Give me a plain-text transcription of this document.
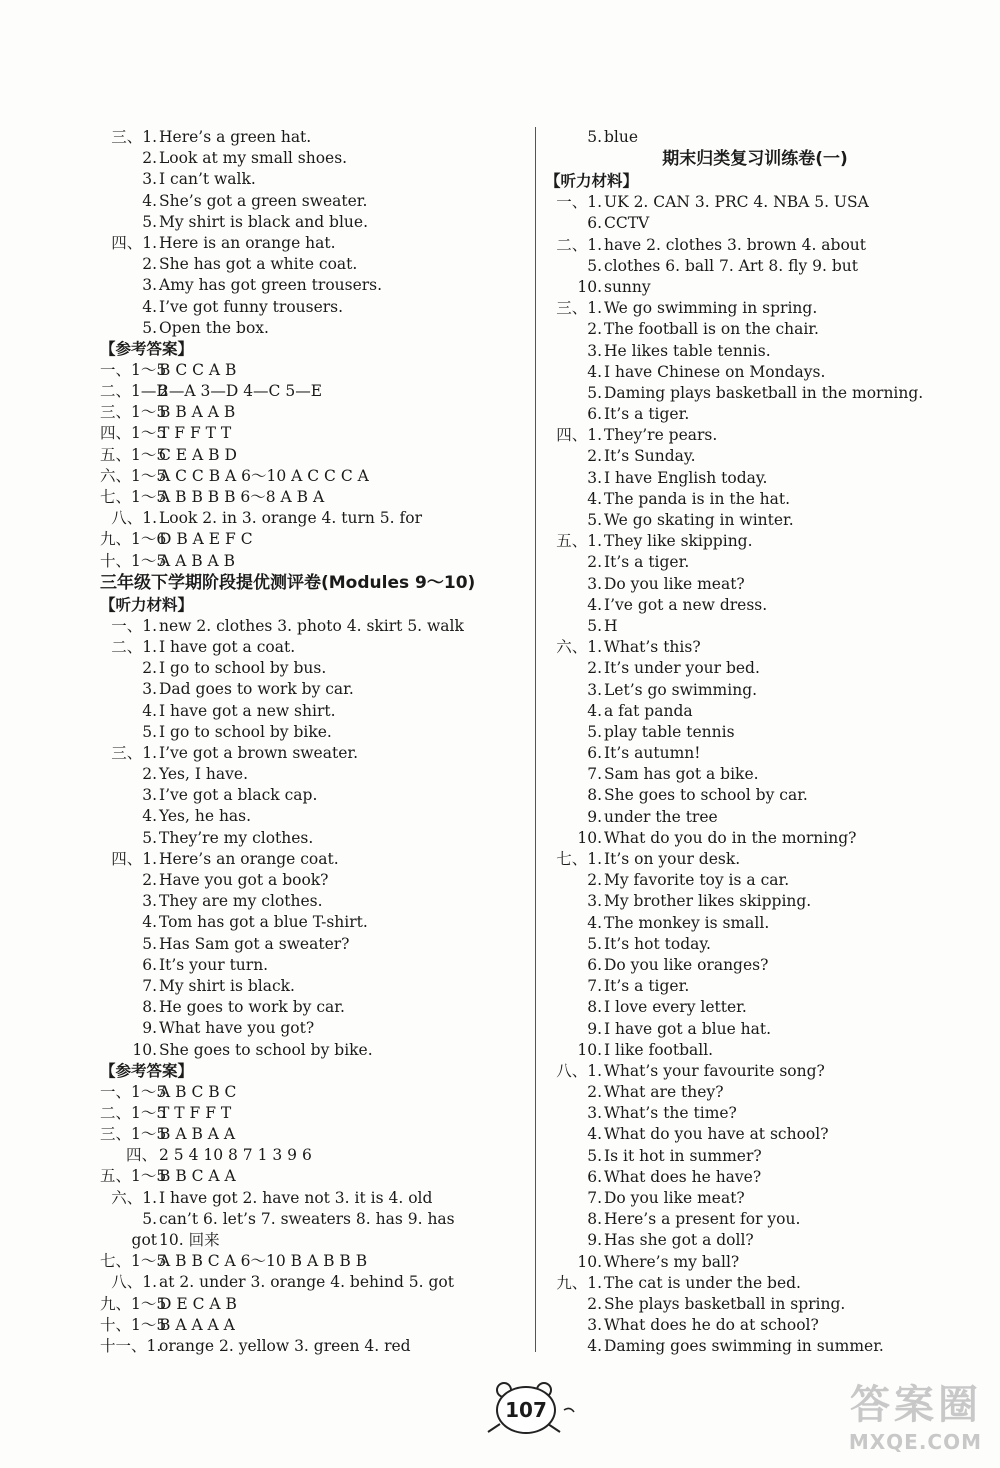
三、1. Here’s a green hat.
2. Look at my small shoes.
3. I can’t walk.
4. She’s got a green sweater.
5. My shirt is black and blue.
四、1. Here is an orange hat.
2. She has got a white coat.
3. Amy has got green trousers.
4. I’ve got funny trousers.
5. Open the box.
【参考答案】
一、1～5
B C C A B
二、1—B
2—A 3—D 4—C 5—E
三、1～5
B B A A B
四、1～5
T F F T T
五、1～5
C E A B D
六、1～5
A C C B A 6～10 A C C C A
七、1～5
A B B B B 6～8 A B A
八、1. Look 2. in 3. orange 4. turn 5. for
九、1～6
D B A E F C
十、1～5
A A B A B
三年级下学期阶段提优测评卷(Modules 9～10)
【听力材料】
一、1. new 2. clothes 3. photo 4. skirt 5. walk
二、1. I have got a coat.
2. I go to school by bus.
3. Dad goes to work by car.
4. I have got a new shirt.
5. I go to school by bike.
三、1. I’ve got a brown sweater.
2. Yes, I have.
3. I’ve got a black cap.
4. Yes, he has.
5. They’re my clothes.
四、1. Here’s an orange coat.
2. Have you got a book?
3. They are my clothes.
4. Tom has got a blue T-shirt.
5. Has Sam got a sweater?
6. It’s your turn.
7. My shirt is black.
8. He goes to work by car.
9. What have you got?
10. She goes to school by bike.
【参考答案】
一、1～5
A B C B C
二、1～5
T T F F T
三、1～5
B A B A A
四、 2 5 4 10 8 7 1 3 9 6
五、1～5
B B C A A
六、1. I have got 2. have not 3. it is 4. old
5. can’t 6. let’s 7. sweaters 8. has 9. has
got 10. 回来
七、1～5
A B B C A 6～10 B A B B B
八、1. at 2. under 3. orange 4. behind 5. got
九、1～5
D E C A B
十、1～5
B A A A A
十一、1.
orange 2. yellow 3. green 4. red
5. blue
期末归类复习训练卷(一)
【听力材料】
一、1. UK 2. CAN 3. PRC 4. NBA 5. USA
6. CCTV
二、1. have 2. clothes 3. brown 4. about
5. clothes 6. ball 7. Art 8. fly 9. but
10. sunny
三、1. We go swimming in spring.
2. The football is on the chair.
3. He likes table tennis.
4. I have Chinese on Mondays.
5. Daming plays basketball in the morning.
6. It’s a tiger.
四、1. They’re pears.
2. It’s Sunday.
3. I have English today.
4. The panda is in the hat.
5. We go skating in winter.
五、1. They like skipping.
2. It’s a tiger.
3. Do you like meat?
4. I’ve got a new dress.
5. H
六、1. What’s this?
2. It’s under your bed.
3. Let’s go swimming.
4. a fat panda
5. play table tennis
6. It’s autumn!
7. Sam has got a bike.
8. She goes to school by car.
9. under the tree
10. What do you do in the morning?
七、1. It’s on your desk.
2. My favorite toy is a car.
3. My brother likes skipping.
4. The monkey is small.
5. It’s hot today.
6. Do you like oranges?
7. It’s a tiger.
8. I love every letter.
9. I have got a blue hat.
10. I like football.
八、1. What’s your favourite song?
2. What are they?
3. What’s the time?
4. What do you have at school?
5. Is it hot in summer?
6. What does he have?
7. Do you like meat?
8. Here’s a present for you.
9. Has she got a doll?
10. Where’s my ball?
九、1. The cat is under the bed.
2. She plays basketball in spring.
3. What does he do at school?
4. Daming goes swimming in summer.
107	答案圈
MXQE.COM
